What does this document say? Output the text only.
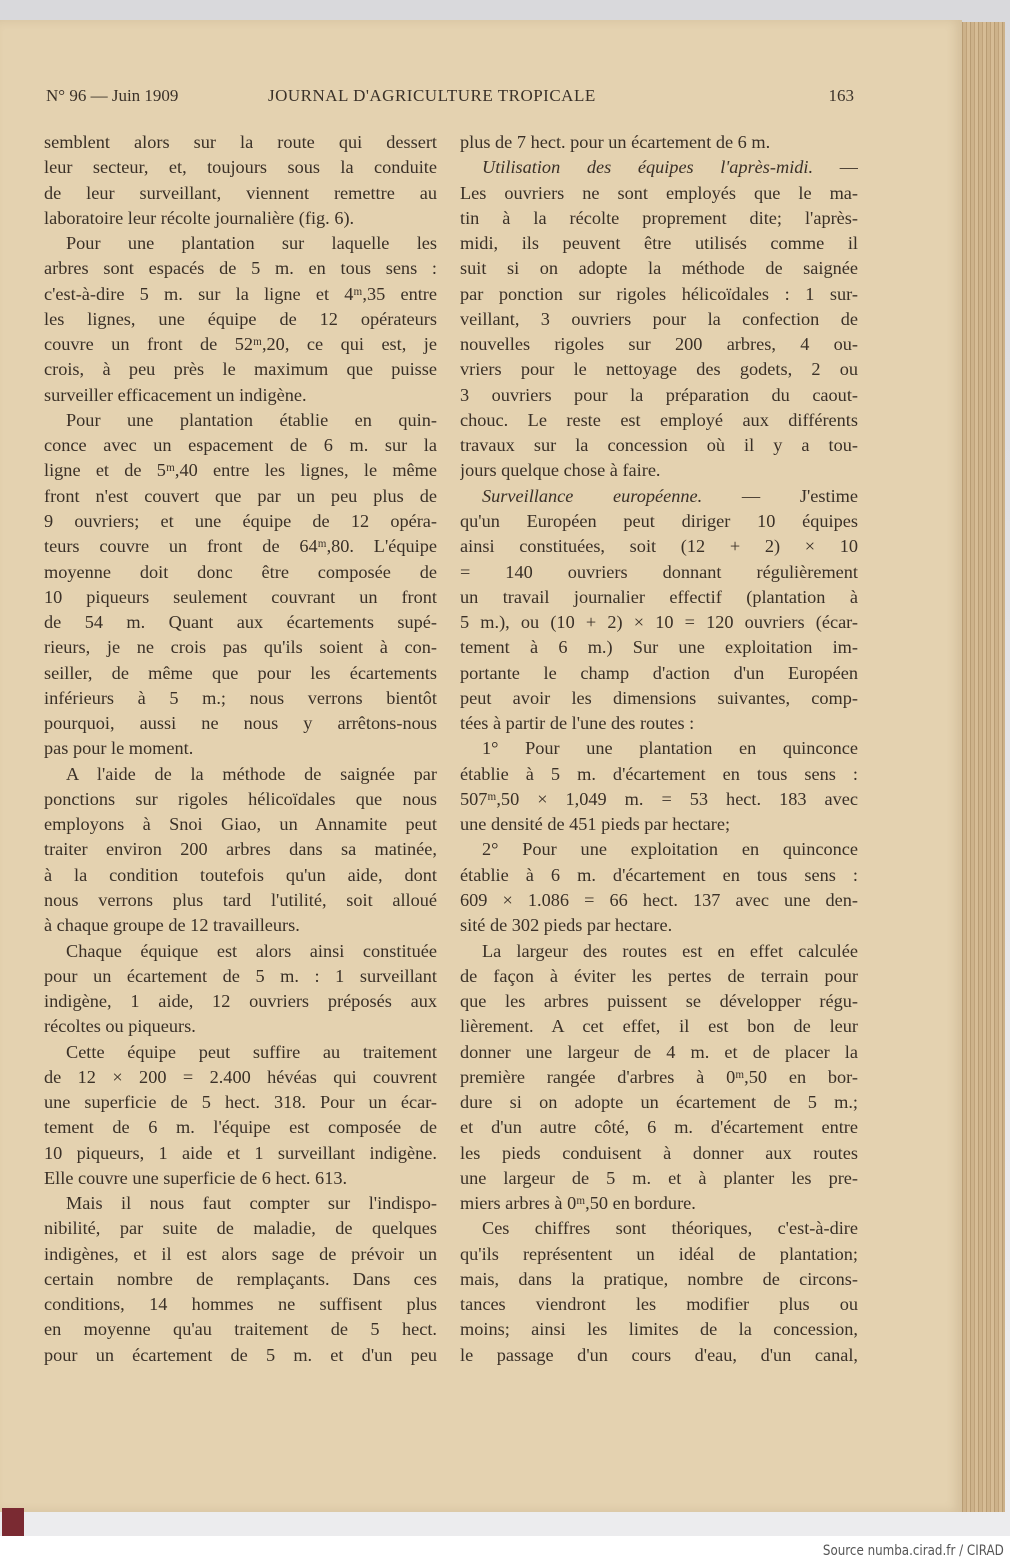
N° 96 — Juin 1909	JOURNAL D'AGRICULTURE TROPICALE	163
semblent alors sur la route qui dessert
leur secteur, et, toujours sous la conduite
de leur surveillant, viennent remettre au
laboratoire leur récolte journalière (fig. 6).
Pour une plantation sur laquelle les
arbres sont espacés de 5 m. en tous sens :
c'est-à-dire 5 m. sur la ligne et 4ᵐ,35 entre
les lignes, une équipe de 12 opérateurs
couvre un front de 52ᵐ,20, ce qui est, je
crois, à peu près le maximum que puisse
surveiller efficacement un indigène.
Pour une plantation établie en quin-
conce avec un espacement de 6 m. sur la
ligne et de 5ᵐ,40 entre les lignes, le même
front n'est couvert que par un peu plus de
9 ouvriers; et une équipe de 12 opéra-
teurs couvre un front de 64ᵐ,80. L'équipe
moyenne doit donc être composée de
10 piqueurs seulement couvrant un front
de 54 m. Quant aux écartements supé-
rieurs, je ne crois pas qu'ils soient à con-
seiller, de même que pour les écartements
inférieurs à 5 m.; nous verrons bientôt
pourquoi, aussi ne nous y arrêtons-nous
pas pour le moment.
A l'aide de la méthode de saignée par
ponctions sur rigoles hélicoïdales que nous
employons à Snoi Giao, un Annamite peut
traiter environ 200 arbres dans sa matinée,
à la condition toutefois qu'un aide, dont
nous verrons plus tard l'utilité, soit alloué
à chaque groupe de 12 travailleurs.
Chaque équique est alors ainsi constituée
pour un écartement de 5 m. : 1 surveillant
indigène, 1 aide, 12 ouvriers préposés aux
récoltes ou piqueurs.
Cette équipe peut suffire au traitement
de 12 × 200 = 2.400 hévéas qui couvrent
une superficie de 5 hect. 318. Pour un écar-
tement de 6 m. l'équipe est composée de
10 piqueurs, 1 aide et 1 surveillant indigène.
Elle couvre une superficie de 6 hect. 613.
Mais il nous faut compter sur l'indispo-
nibilité, par suite de maladie, de quelques
indigènes, et il est alors sage de prévoir un
certain nombre de remplaçants. Dans ces
conditions, 14 hommes ne suffisent plus
en moyenne qu'au traitement de 5 hect.
pour un écartement de 5 m. et d'un peu
plus de 7 hect. pour un écartement de 6 m.
Utilisation des équipes l'après-midi. —
Les ouvriers ne sont employés que le ma-
tin à la récolte proprement dite; l'après-
midi, ils peuvent être utilisés comme il
suit si on adopte la méthode de saignée
par ponction sur rigoles hélicoïdales : 1 sur-
veillant, 3 ouvriers pour la confection de
nouvelles rigoles sur 200 arbres, 4 ou-
vriers pour le nettoyage des godets, 2 ou
3 ouvriers pour la préparation du caout-
chouc. Le reste est employé aux différents
travaux sur la concession où il y a tou-
jours quelque chose à faire.
Surveillance européenne. — J'estime
qu'un Européen peut diriger 10 équipes
ainsi constituées, soit (12 + 2) × 10
= 140 ouvriers donnant régulièrement
un travail journalier effectif (plantation à
5 m.), ou (10 + 2) × 10 = 120 ouvriers (écar-
tement à 6 m.) Sur une exploitation im-
portante le champ d'action d'un Européen
peut avoir les dimensions suivantes, comp-
tées à partir de l'une des routes :
1° Pour une plantation en quinconce
établie à 5 m. d'écartement en tous sens :
507ᵐ,50 × 1,049 m. = 53 hect. 183 avec
une densité de 451 pieds par hectare;
2° Pour une exploitation en quinconce
établie à 6 m. d'écartement en tous sens :
609 × 1.086 = 66 hect. 137 avec une den-
sité de 302 pieds par hectare.
La largeur des routes est en effet calculée
de façon à éviter les pertes de terrain pour
que les arbres puissent se développer régu-
lièrement. A cet effet, il est bon de leur
donner une largeur de 4 m. et de placer la
première rangée d'arbres à 0ᵐ,50 en bor-
dure si on adopte un écartement de 5 m.;
et d'un autre côté, 6 m. d'écartement entre
les pieds conduisent à donner aux routes
une largeur de 5 m. et à planter les pre-
miers arbres à 0ᵐ,50 en bordure.
Ces chiffres sont théoriques, c'est-à-dire
qu'ils représentent un idéal de plantation;
mais, dans la pratique, nombre de circons-
tances viendront les modifier plus ou
moins; ainsi les limites de la concession,
le passage d'un cours d'eau, d'un canal,
Source numba.cirad.fr / CIRAD
